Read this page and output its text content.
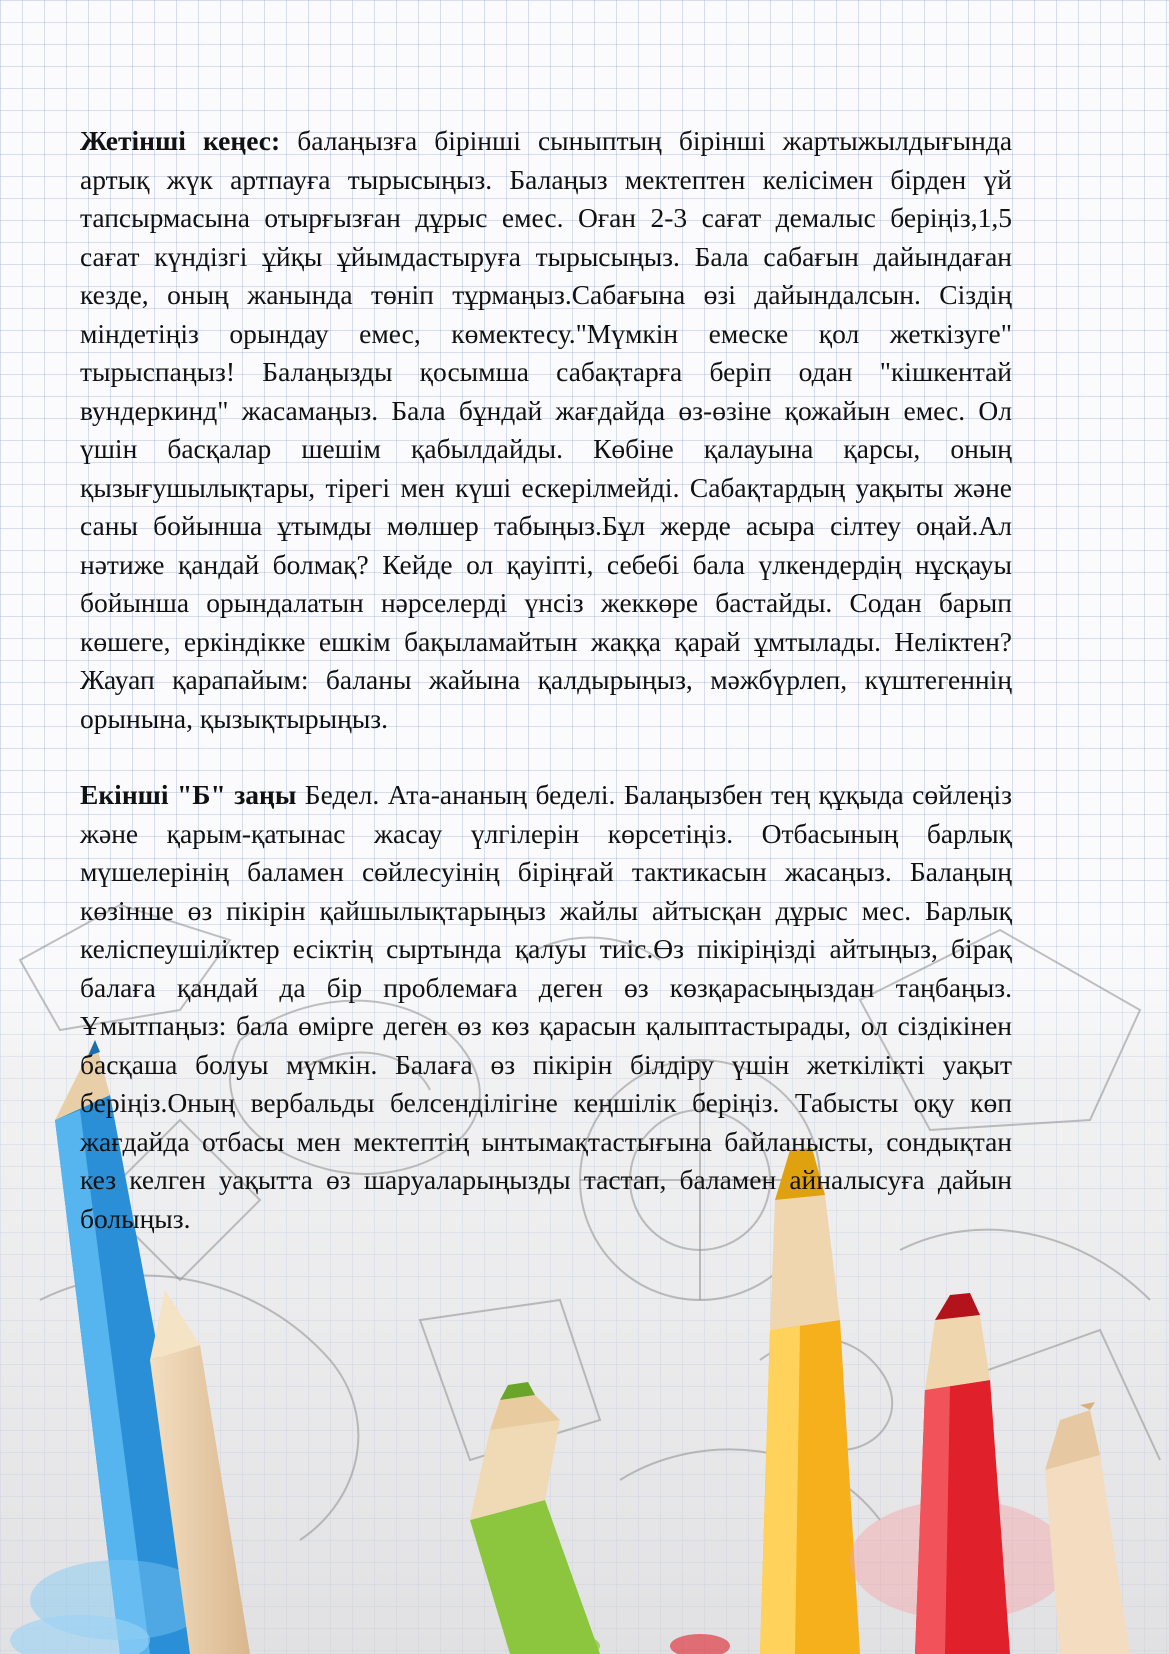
Жетінші кеңес: балаңызға бірінші сыныптың бірінші жартыжылдығында артық жүк артпауға тырысыңыз. Балаңыз мектептен келісімен бірден үй тапсырмасына отырғызған дұрыс емес. Оған 2-3 сағат демалыс беріңіз,1,5 сағат күндізгі ұйқы ұйымдастыруға тырысыңыз. Бала сабағын дайындаған кезде, оның жанында төніп тұрмаңыз.Сабағына өзі дайындалсын. Сіздің міндетіңіз орындау емес, көмектесу."Мүмкін емеске қол жеткізуге" тырыспаңыз! Балаңызды қосымша сабақтарға беріп одан "кішкентай вундеркинд" жасамаңыз. Бала бұндай жағдайда өз-өзіне қожайын емес. Ол үшін басқалар шешім қабылдайды. Көбіне қалауына қарсы, оның қызығушылықтары, тірегі мен күші ескерілмейді. Сабақтардың уақыты және саны бойынша ұтымды мөлшер табыңыз.Бұл жерде асыра сілтеу оңай.Ал нәтиже қандай болмақ? Кейде ол қауіпті, себебі бала үлкендердің нұсқауы бойынша орындалатын нәрселерді үнсіз жеккөре бастайды. Содан барып көшеге, еркіндікке ешкім бақыламайтын жаққа қарай ұмтылады. Неліктен? Жауап қарапайым: баланы жайына қалдырыңыз, мәжбүрлеп, күштегеннің орынына, қызықтырыңыз.

Екінші "Б" заңы Бедел. Ата-ананың беделі. Балаңызбен тең құқыда сөйлеңіз және қарым-қатынас жасау үлгілерін көрсетіңіз. Отбасының барлық мүшелерінің баламен сөйлесуінің біріңғай тактикасын жасаңыз. Балаңың көзінше өз пікірін қайшылықтарыңыз жайлы айтысқан дұрыс мес. Барлық келіспеушіліктер есіктің сыртында қалуы тиіс.Өз пікіріңізді айтыңыз, бірақ балаға қандай да бір проблемаға деген өз көзқарасыңыздан таңбаңыз. Ұмытпаңыз: бала өмірге деген өз көз қарасын қалыптастырады, ол сіздікінен басқаша болуы мүмкін. Балаға өз пікірін білдіру үшін жеткілікті уақыт беріңіз.Оның вербальды белсенділігіне кеңшілік беріңіз. Табысты оқу көп жағдайда отбасы мен мектептің ынтымақтастығына байланысты, сондықтан кез келген уақытта өз шаруаларыңызды тастап, баламен айналысуға дайын болыңыз.
